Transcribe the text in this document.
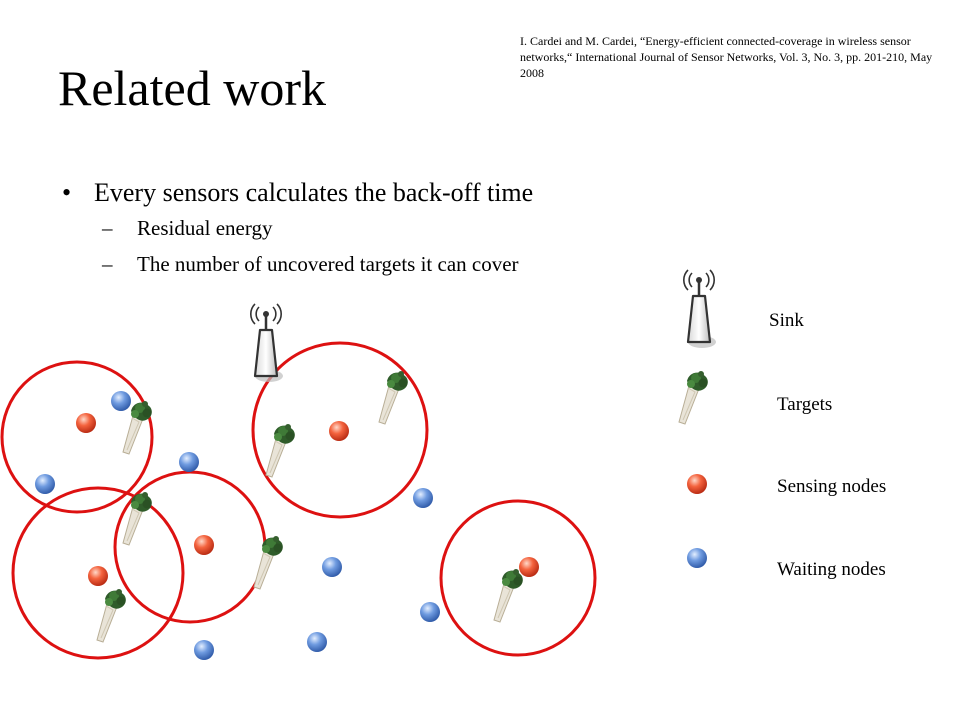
Related work
I. Cardei and M. Cardei, “Energy-efficient connected-coverage in wireless sensor networks,“ International Journal of Sensor Networks, Vol. 3, No. 3, pp. 201-210, May 2008
• Every sensors calculates the back-off time
– Residual energy
– The number of uncovered targets it can cover
Sink
Targets
Sensing nodes
Waiting nodes
